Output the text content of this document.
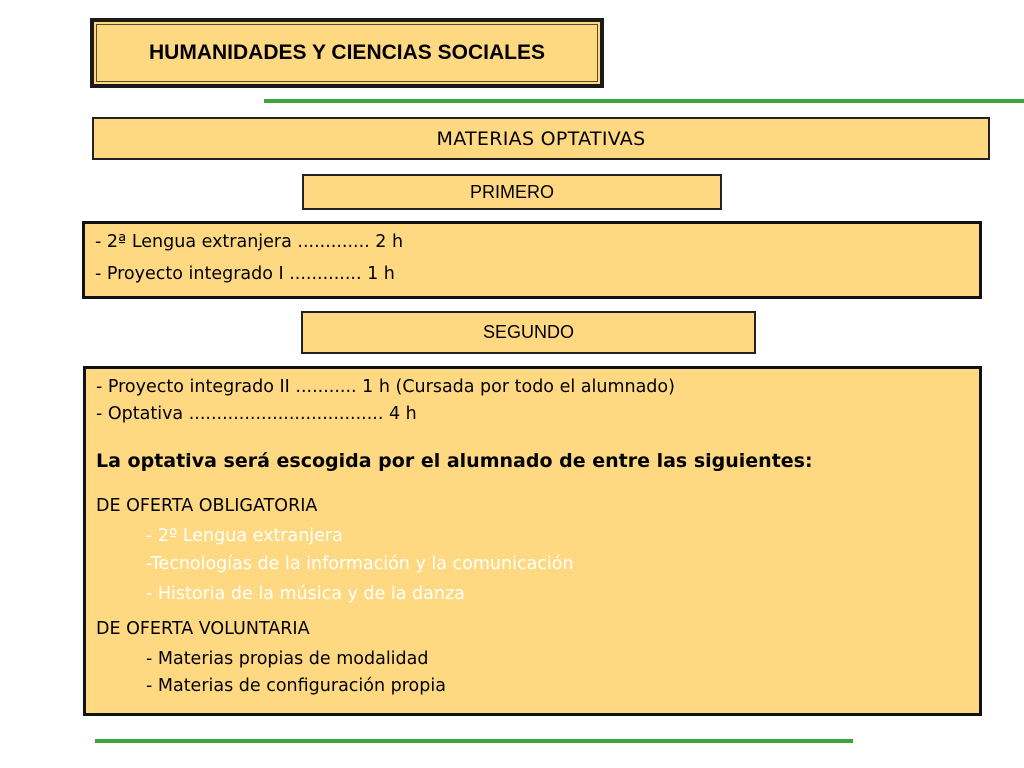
HUMANIDADES Y CIENCIAS SOCIALES
MATERIAS OPTATIVAS
PRIMERO
- 2ª Lengua extranjera ............. 2 h
- Proyecto integrado I ............. 1 h
SEGUNDO
- Proyecto integrado II ........... 1 h (Cursada por todo el alumnado)
- Optativa ................................... 4 h
La optativa será escogida por el alumnado de entre las siguientes:
DE OFERTA OBLIGATORIA
- 2º Lengua extranjera
-Tecnologías de la información y la comunicación
- Historia de la música y de la danza
DE OFERTA VOLUNTARIA
- Materias propias de modalidad
- Materias de configuración propia
